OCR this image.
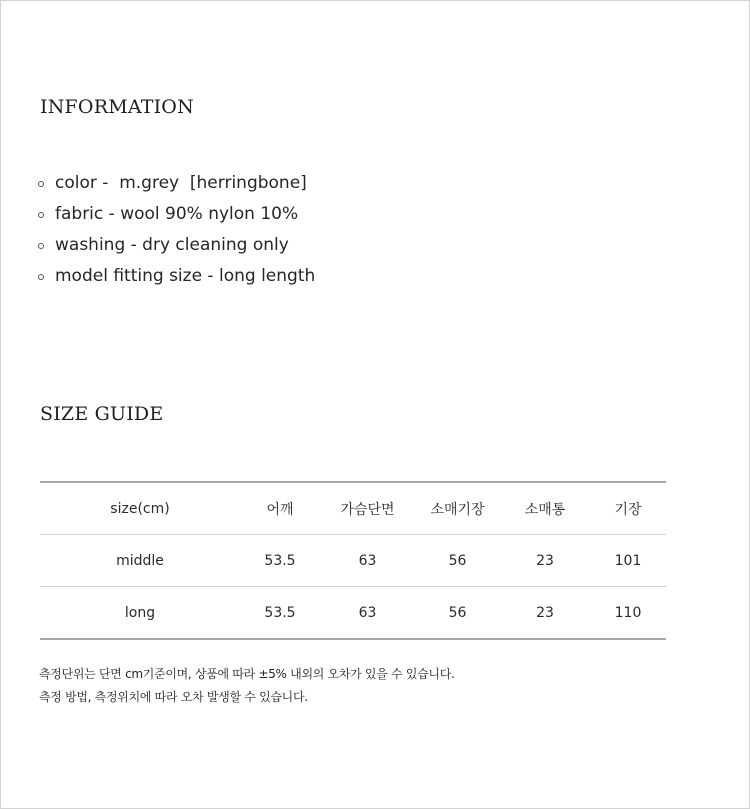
INFORMATION
color -  m.grey  [herringbone]
fabric - wool 90% nylon 10%
washing - dry cleaning only
model fitting size - long length
SIZE GUIDE
size(cm)	어깨	가슴단면	소매기장	소매통	기장
middle	53.5	63	56	23	101
long	53.5	63	56	23	110

측정단위는 단면 cm기준이며, 상품에 따라 ±5% 내외의 오차가 있을 수 있습니다.

측정 방법, 측정위치에 따라 오차 발생할 수 있습니다.
